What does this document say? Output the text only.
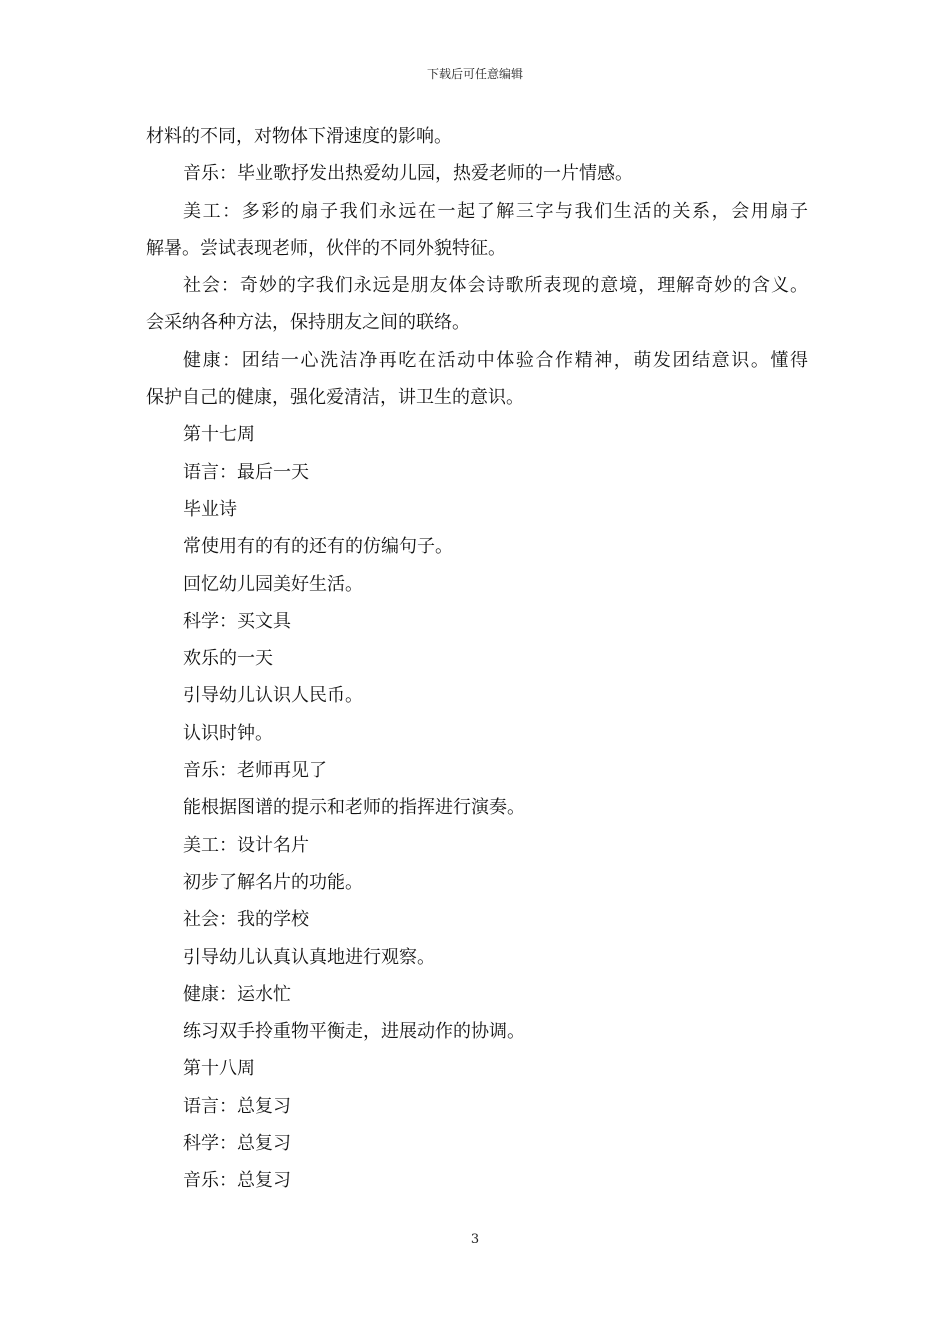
下载后可任意编辑
材料的不同，对物体下滑速度的影响。
音乐：毕业歌抒发出热爱幼儿园，热爱老师的一片情感。
美工：多彩的扇子我们永远在一起了解三字与我们生活的关系，会用扇子
解暑。尝试表现老师，伙伴的不同外貌特征。
社会：奇妙的字我们永远是朋友体会诗歌所表现的意境，理解奇妙的含义。
会采纳各种方法，保持朋友之间的联络。
健康：团结一心洗洁净再吃在活动中体验合作精神，萌发团结意识。懂得
保护自己的健康，强化爱清洁，讲卫生的意识。
第十七周
语言：最后一天
毕业诗
常使用有的有的还有的仿编句子。
回忆幼儿园美好生活。
科学：买文具
欢乐的一天
引导幼儿认识人民币。
认识时钟。
音乐：老师再见了
能根据图谱的提示和老师的指挥进行演奏。
美工：设计名片
初步了解名片的功能。
社会：我的学校
引导幼儿认真认真地进行观察。
健康：运水忙
练习双手拎重物平衡走，进展动作的协调。
第十八周
语言：总复习
科学：总复习
音乐：总复习
3
